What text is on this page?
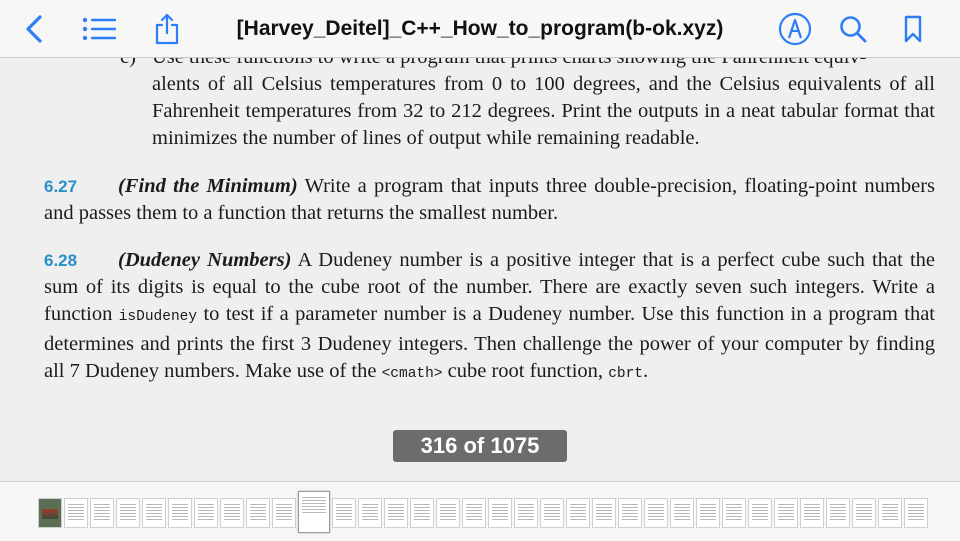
alents of all Celsius temperatures from 0 to 100 degrees, and the Celsius equivalents of all Fahrenheit temperatures from 32 to 212 degrees. Print the outputs in a neat tabular format that minimizes the number of lines of output while remaining readable.

6.27 (Find the Minimum) Write a program that inputs three double-precision, floating-point numbers and passes them to a function that returns the smallest number.

6.28 (Dudeney Numbers) A Dudeney number is a positive integer that is a perfect cube such that the sum of its digits is equal to the cube root of the number. There are exactly seven such integers. Write a function isDudeney to test if a parameter number is a Dudeney number. Use this function in a program that determines and prints the first 3 Dudeney integers. Then challenge the power of your computer by finding all 7 Dudeney numbers. Make use of the <cmath> cube root function, cbrt.

[Harvey_Deitel]_C++_How_to_program(b-ok.xyz)
316 of 1075
